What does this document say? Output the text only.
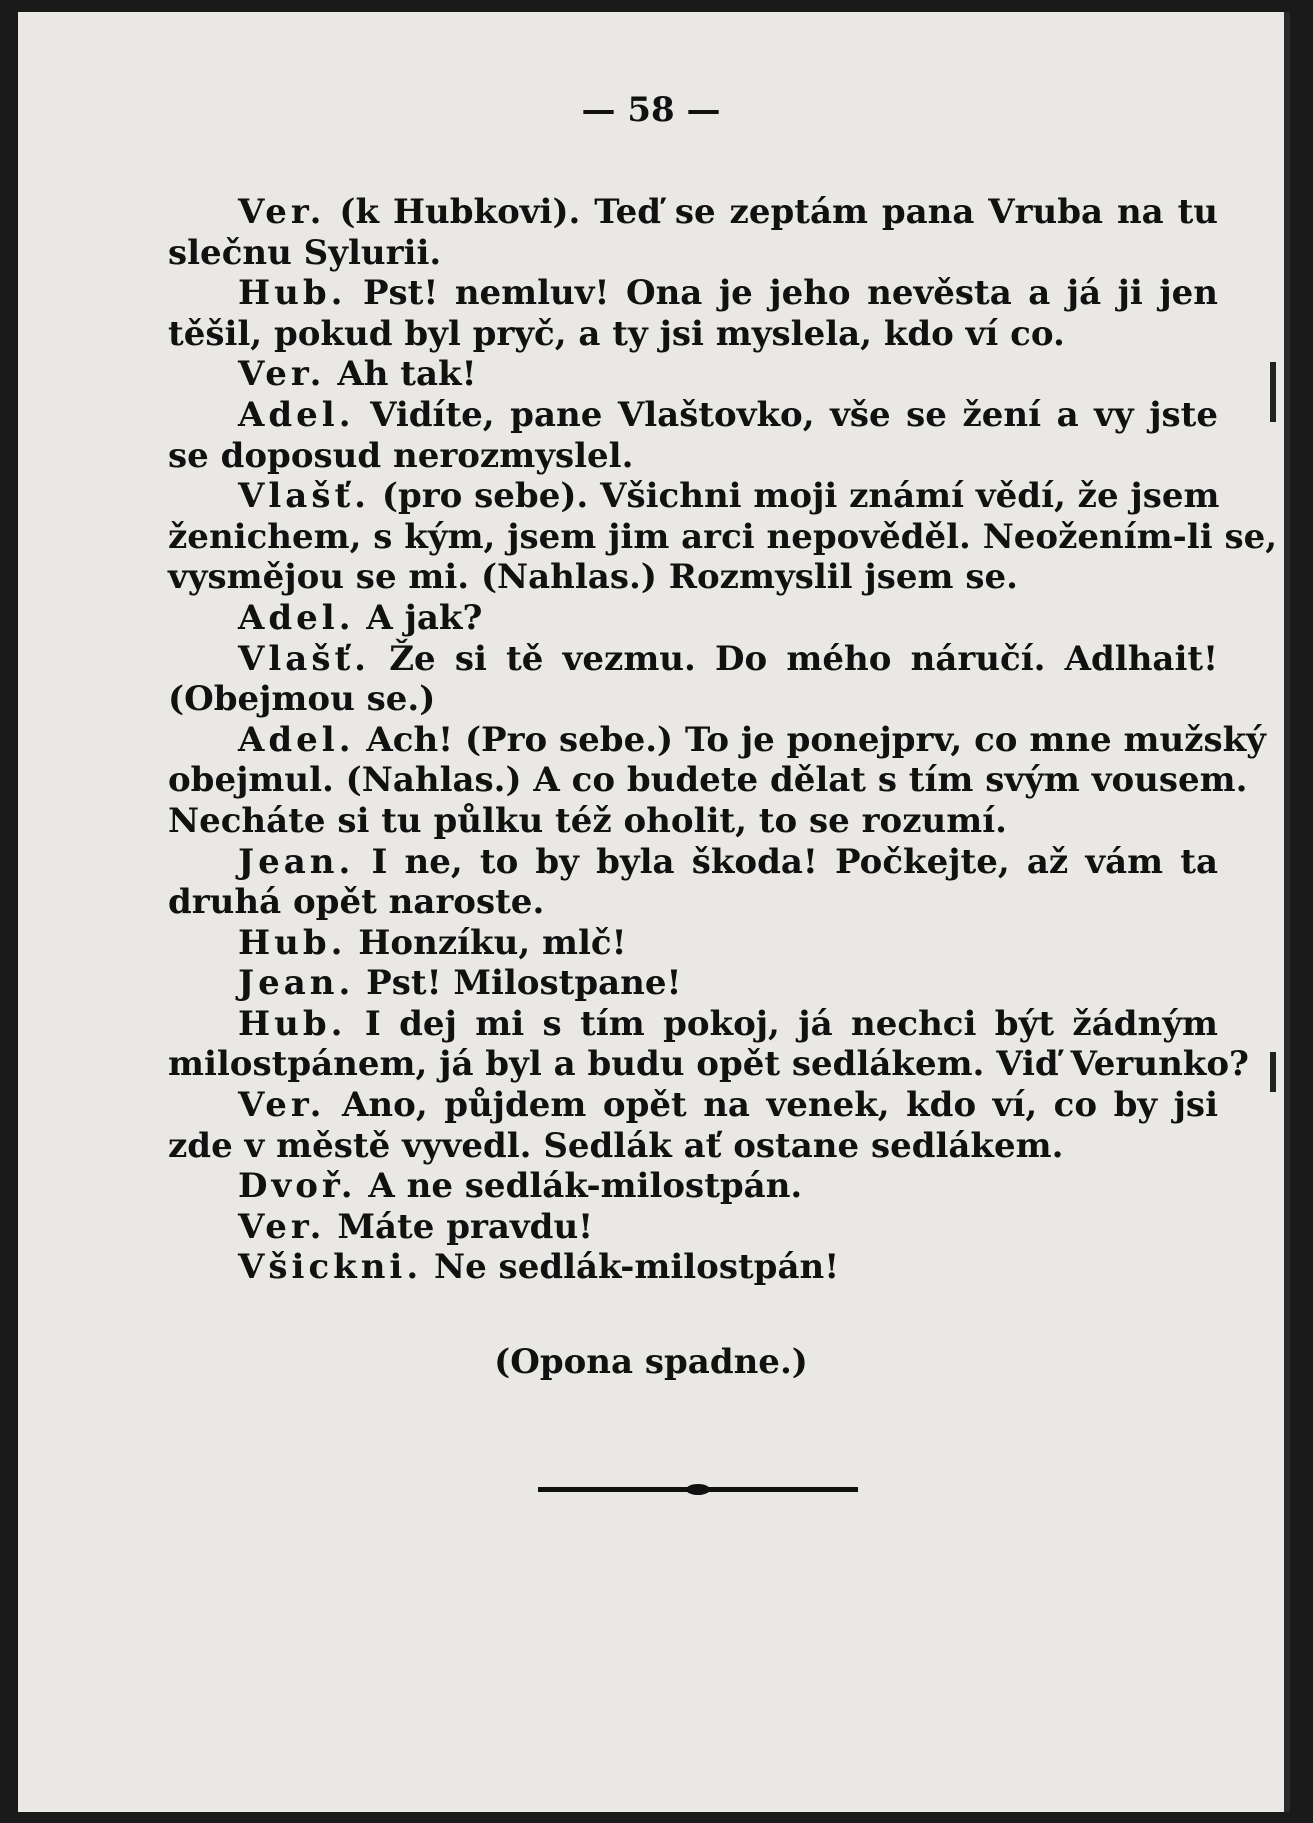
— 58 —
Ver. (k Hubkovi). Teď se zeptám pana Vruba na tu
slečnu Sylurii.
Hub. Pst! nemluv! Ona je jeho nevěsta a já ji jen
těšil, pokud byl pryč, a ty jsi myslela, kdo ví co.
Ver. Ah tak!
Adel. Vidíte, pane Vlaštovko, vše se žení a vy jste
se doposud nerozmyslel.
Vlašť. (pro sebe). Všichni moji známí vědí, že jsem
ženichem, s kým, jsem jim arci nepověděl. Neožením-li se,
vysmějou se mi. (Nahlas.) Rozmyslil jsem se.
Adel. A jak?
Vlašť. Že si tě vezmu. Do mého náručí. Adlhait!
(Obejmou se.)
Adel. Ach! (Pro sebe.) To je ponejprv, co mne mužský
obejmul. (Nahlas.) A co budete dělat s tím svým vousem.
Necháte si tu půlku též oholit, to se rozumí.
Jean. I ne, to by byla škoda! Počkejte, až vám ta
druhá opět naroste.
Hub. Honzíku, mlč!
Jean. Pst! Milostpane!
Hub. I dej mi s tím pokoj, já nechci být žádným
milostpánem, já byl a budu opět sedlákem. Viď Verunko?
Ver. Ano, půjdem opět na venek, kdo ví, co by jsi
zde v městě vyvedl. Sedlák ať ostane sedlákem.
Dvoř. A ne sedlák-milostpán.
Ver. Máte pravdu!
Všickni. Ne sedlák-milostpán!
(Opona spadne.)
